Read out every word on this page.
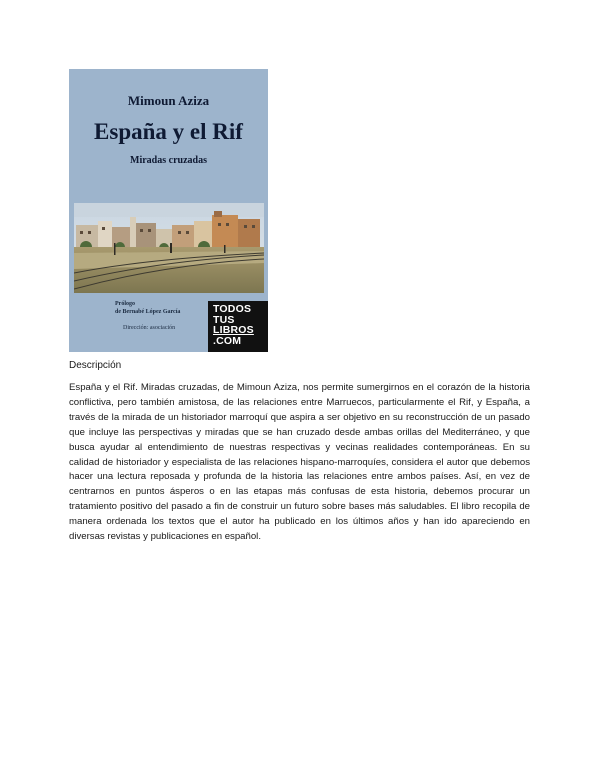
Mimoun Aziza
España y el Rif
Miradas cruzadas
Prólogo
de Bernabé López García
Dirección: asociación
TODOS
TUS
LIBROS
.COM
Descripción

España y el Rif. Miradas cruzadas, de Mimoun Aziza, nos permite sumergirnos en el corazón de la historia conflictiva, pero también amistosa, de las relaciones entre Marruecos, particularmente el Rif, y España, a través de la mirada de un historiador marroquí que aspira a ser objetivo en su reconstrucción de un pasado que incluye las perspectivas y miradas que se han cruzado desde ambas orillas del Mediterráneo, y que busca ayudar al entendimiento de nuestras respectivas y vecinas realidades contemporáneas. En su calidad de historiador y especialista de las relaciones hispano-marroquíes, considera el autor que debemos hacer una lectura reposada y profunda de la historia las relaciones entre ambos países. Así, en vez de centrarnos en puntos ásperos o en las etapas más confusas de esta historia, debemos procurar un tratamiento positivo del pasado a fin de construir un futuro sobre bases más saludables. El libro recopila de manera ordenada los textos que el autor ha publicado en los últimos años y han ido apareciendo en diversas revistas y publicaciones en español.
